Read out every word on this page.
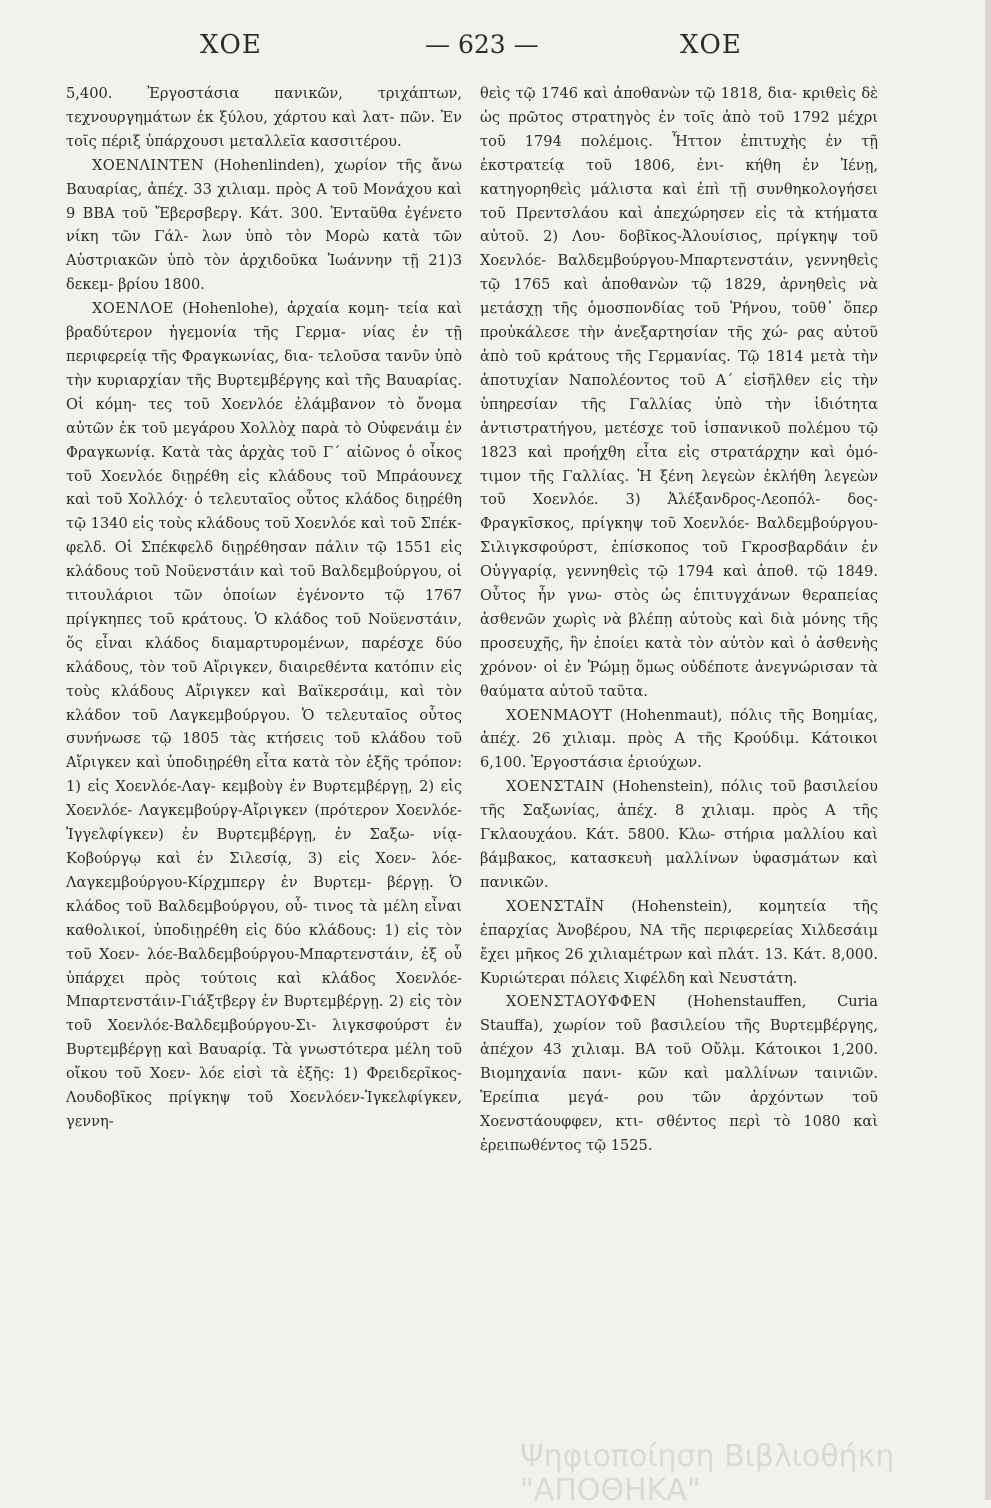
ΧΟΕ	— 623 —	ΧΟΕ

5,400. Ἐργοστάσια πανικῶν, τριχάπτων, τεχνουργημάτων ἐκ ξύλου, χάρτου καὶ λατ- πῶν. Ἐν τοῖς πέριξ ὑπάρχουσι μεταλλεῖα κασσιτέρου.

ΧΟΕΝΛΙΝΤΕΝ (Hohenlinden), χωρίον τῆς ἄνω Βαυαρίας, ἀπέχ. 33 χιλιαμ. πρὸς Α τοῦ Μονάχου καὶ 9 ΒΒΑ τοῦ Ἔβερσβεργ. Κάτ. 300. Ἐνταῦθα ἐγένετο νίκη τῶν Γάλ- λων ὑπὸ τὸν Μορὼ κατὰ τῶν Αὐστριακῶν ὑπὸ τὸν ἀρχιδοῦκα Ἰωάννην τῇ 21)3 δεκεμ- βρίου 1800.

ΧΟΕΝΛΟΕ (Hohenlohe), ἀρχαία κομη- τεία καὶ βραδύτερον ἡγεμονία τῆς Γερμα- νίας ἐν τῇ περιφερείᾳ τῆς Φραγκωνίας, δια- τελοῦσα τανῦν ὑπὸ τὴν κυριαρχίαν τῆς Βυρτεμβέργης καὶ τῆς Βαυαρίας. Οἱ κόμη- τες τοῦ Χοενλόε ἐλάμβανον τὸ ὄνομα αὐτῶν ἐκ τοῦ μεγάρου Χολλὸχ παρὰ τὸ Οὐφενάιμ ἐν Φραγκωνίᾳ. Κατὰ τὰς ἀρχὰς τοῦ Γ΄ αἰῶνος ὁ οἶκος τοῦ Χοενλόε διῃρέθη εἰς κλάδους τοῦ Μπράουνεχ καὶ τοῦ Χολλόχ· ὁ τελευταῖος οὗτος κλάδος διῃρέθη τῷ 1340 εἰς τοὺς κλάδους τοῦ Χοενλόε καὶ τοῦ Σπέκ- φελδ. Οἱ Σπέκφελδ διῃρέθησαν πάλιν τῷ 1551 εἰς κλάδους τοῦ Νοϋενστάιν καὶ τοῦ Βαλδεμβούργου, οἱ τιτουλάριοι τῶν ὁποίων ἐγένοντο τῷ 1767 πρίγκηπες τοῦ κράτους. Ὁ κλάδος τοῦ Νοϋενστάιν, ὅς εἶναι κλάδος διαμαρτυρομένων, παρέσχε δύο κλάδους, τὸν τοῦ Αἴριγκεν, διαιρεθέντα κατόπιν εἰς τοὺς κλάδους Αἴριγκεν καὶ Βαϊκερσάιμ, καὶ τὸν κλάδον τοῦ Λαγκεμβούργου. Ὁ τελευταῖος οὗτος συνήνωσε τῷ 1805 τὰς κτήσεις τοῦ κλάδου τοῦ Αἴριγκεν καὶ ὑποδιῃρέθη εἶτα κατὰ τὸν ἑξῆς τρόπον: 1) εἰς Χοενλόε-Λαγ- κεμβοὺγ ἐν Βυρτεμβέργῃ, 2) εἰς Χοενλόε- Λαγκεμβούργ-Αἴριγκεν (πρότερον Χοενλόε- Ἰγγελφίγκεν) ἐν Βυρτεμβέργῃ, ἐν Σαξω- νίᾳ-Κοβούργῳ καὶ ἐν Σιλεσίᾳ, 3) εἰς Χοεν- λόε-Λαγκεμβούργου-Κίρχμπεργ ἐν Βυρτεμ- βέργῃ. Ὁ κλάδος τοῦ Βαλδεμβούργου, οὗ- τινος τὰ μέλη εἶναι καθολικοί, ὑποδιῃρέθη εἰς δύο κλάδους: 1) εἰς τὸν τοῦ Χοεν- λόε-Βαλδεμβούργου-Μπαρτενστάιν, ἐξ οὗ ὑπάρχει πρὸς τούτοις καὶ κλάδος Χοενλόε- Μπαρτενστάιν-Γιάξτβεργ ἐν Βυρτεμβέργῃ. 2) εἰς τὸν τοῦ Χοενλόε-Βαλδεμβούργου-Σι- λιγκσφούρστ ἐν Βυρτεμβέργῃ καὶ Βαυαρίᾳ. Τὰ γνωστότερα μέλη τοῦ οἴκου τοῦ Χοεν- λόε εἰσὶ τὰ ἑξῆς: 1) Φρειδερῖκος-Λουδοβῖκος πρίγκηψ τοῦ Χοενλόεν-Ἰγκελφίγκεν, γεννη-

θεὶς τῷ 1746 καὶ ἀποθανὼν τῷ 1818, δια- κριθεὶς δὲ ὡς πρῶτος στρατηγὸς ἐν τοῖς ἀπὸ τοῦ 1792 μέχρι τοῦ 1794 πολέμοις. Ἧττον ἐπιτυχὴς ἐν τῇ ἐκστρατείᾳ τοῦ 1806, ἐνι- κήθη ἐν Ἰένῃ, κατηγορηθεὶς μάλιστα καὶ ἐπὶ τῇ συνθηκολογήσει τοῦ Πρεντσλάου καὶ ἀπεχώρησεν εἰς τὰ κτήματα αὐτοῦ. 2) Λου- δοβῖκος-Ἀλουίσιος, πρίγκηψ τοῦ Χοενλόε- Βαλδεμβούργου-Μπαρτενστάιν, γεννηθεὶς τῷ 1765 καὶ ἀποθανὼν τῷ 1829, ἀρνηθεὶς νὰ μετάσχῃ τῆς ὁμοσπονδίας τοῦ Ῥήνου, τοῦθ᾽ ὅπερ προὐκάλεσε τὴν ἀνεξαρτησίαν τῆς χώ- ρας αὐτοῦ ἀπὸ τοῦ κράτους τῆς Γερμανίας. Τῷ 1814 μετὰ τὴν ἀποτυχίαν Ναπολέοντος τοῦ Α΄ εἰσῆλθεν εἰς τὴν ὑπηρεσίαν τῆς Γαλλίας ὑπὸ τὴν ἰδιότητα ἀντιστρατήγου, μετέσχε τοῦ ἱσπανικοῦ πολέμου τῷ 1823 καὶ προήχθη εἶτα εἰς στρατάρχην καὶ ὁμό- τιμον τῆς Γαλλίας. Ἡ ξένη λεγεὼν ἐκλήθη λεγεὼν τοῦ Χοενλόε. 3) Ἀλέξανδρος-Λεοπόλ- δος-Φραγκῖσκος, πρίγκηψ τοῦ Χοενλόε- Βαλδεμβούργου-Σιλιγκσφούρστ, ἐπίσκοπος τοῦ Γκροσβαρδάιν ἐν Οὑγγαρίᾳ, γεννηθεὶς τῷ 1794 καὶ ἀποθ. τῷ 1849. Οὗτος ἦν γνω- στὸς ὡς ἐπιτυγχάνων θεραπείας ἀσθενῶν χωρὶς νὰ βλέπῃ αὐτοὺς καὶ διὰ μόνης τῆς προσευχῆς, ἣν ἐποίει κατὰ τὸν αὐτὸν καὶ ὁ ἀσθενὴς χρόνον· οἱ ἐν Ῥώμῃ ὅμως οὐδέποτε ἀνεγνώρισαν τὰ θαύματα αὐτοῦ ταῦτα.

ΧΟΕΝΜΑΟΥΤ (Hohenmaut), πόλις τῆς Βοημίας, ἀπέχ. 26 χιλιαμ. πρὸς Α τῆς Κρούδιμ. Κάτοικοι 6,100. Ἐργοστάσια ἐριούχων.

ΧΟΕΝΣΤΑΙΝ (Hohenstein), πόλις τοῦ βασιλείου τῆς Σαξωνίας, ἀπέχ. 8 χιλιαμ. πρὸς Α τῆς Γκλαουχάου. Κάτ. 5800. Κλω- στήρια μαλλίου καὶ βάμβακος, κατασκευὴ μαλλίνων ὑφασμάτων καὶ πανικῶν.

ΧΟΕΝΣΤΑΪΝ (Hohenstein), κομητεία τῆς ἐπαρχίας Ἀνοβέρου, ΝΑ τῆς περιφερείας Χιλδεσάιμ ἔχει μῆκος 26 χιλιαμέτρων καὶ πλάτ. 13. Κάτ. 8,000. Κυριώτεραι πόλεις Χιφέλδη καὶ Νευστάτη.

ΧΟΕΝΣΤΑΟΥΦΦΕΝ (Hohenstauffen, Curia Stauffa), χωρίον τοῦ βασιλείου τῆς Βυρτεμβέργης, ἀπέχον 43 χιλιαμ. ΒΑ τοῦ Οὔλμ. Κάτοικοι 1,200. Βιομηχανία πανι- κῶν καὶ μαλλίνων ταινιῶν. Ἐρείπια μεγά- ρου τῶν ἀρχόντων τοῦ Χοενστάουφφεν, κτι- σθέντος περὶ τὸ 1080 καὶ ἐρειπωθέντος τῷ 1525.

Ψηφιοποίηση Βιβλιοθήκη
"ΑΠΟΘΗΚΑ"
